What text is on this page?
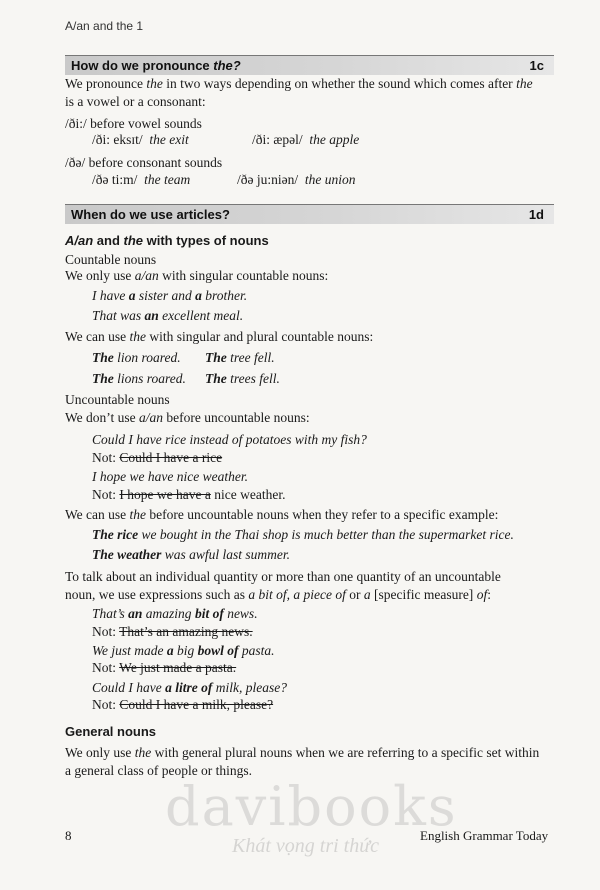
A/an and the 1
How do we pronounce the?	1c
We pronounce the in two ways depending on whether the sound which comes after the
is a vowel or a consonant:
/ði:/ before vowel sounds
/ði: eksɪt/ the exit	/ði: æpəl/ the apple
/ðə/ before consonant sounds
/ðə ti:m/ the team	/ðə ju:niən/ the union
When do we use articles?	1d
A/an and the with types of nouns
Countable nouns
We only use a/an with singular countable nouns:
I have a sister and a brother.
That was an excellent meal.
We can use the with singular and plural countable nouns:
The lion roared. The tree fell.
The lions roared. The trees fell.
Uncountable nouns
We don’t use a/an before uncountable nouns:
Could I have rice instead of potatoes with my fish?
Not: Could I have a rice
I hope we have nice weather.
Not: I hope we have a nice weather.
We can use the before uncountable nouns when they refer to a specific example:
The rice we bought in the Thai shop is much better than the supermarket rice.
The weather was awful last summer.
To talk about an individual quantity or more than one quantity of an uncountable
noun, we use expressions such as a bit of, a piece of or a [specific measure] of:
That’s an amazing bit of news.
Not: That’s an amazing news.
We just made a big bowl of pasta.
Not: We just made a pasta.
Could I have a litre of milk, please?
Not: Could I have a milk, please?
General nouns
We only use the with general plural nouns when we are referring to a specific set within
a general class of people or things.
davibooks
Khát vọng tri thức
8	English Grammar Today
